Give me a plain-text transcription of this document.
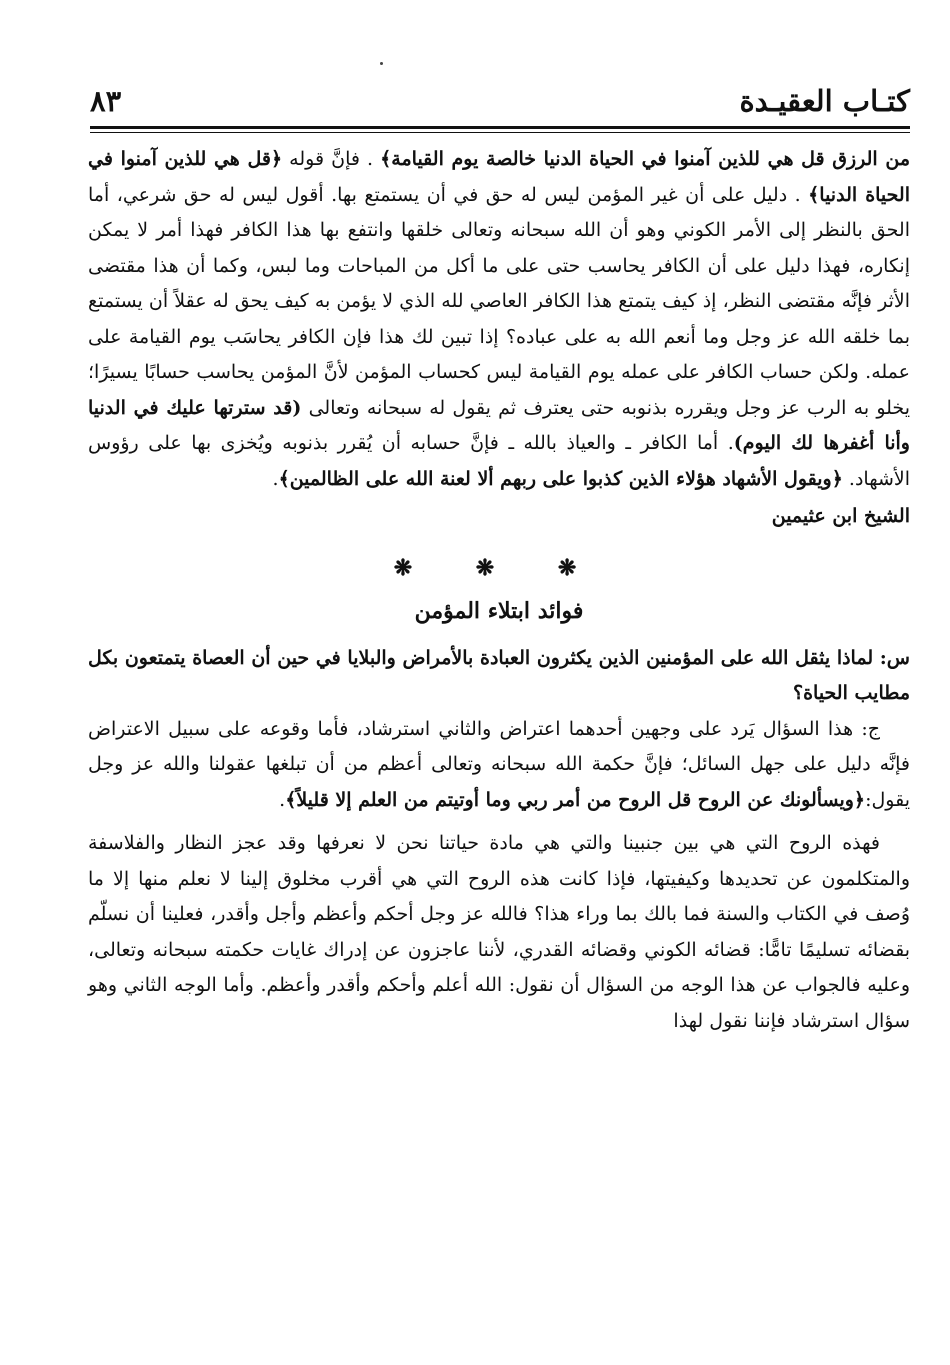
كتـاب العقيـدة
٨٣

من الرزق قل هي للذين آمنوا في الحياة الدنيا خالصة يوم القيامة﴾ . فإنَّ قوله ﴿قل هي للذين آمنوا في الحياة الدنيا﴾ . دليل على أن غير المؤمن ليس له حق في أن يستمتع بها. أقول ليس له حق شرعي، أما الحق بالنظر إلى الأمر الكوني وهو أن الله سبحانه وتعالى خلقها وانتفع بها هذا الكافر فهذا أمر لا يمكن إنكاره، فهذا دليل على أن الكافر يحاسب حتى على ما أكل من المباحات وما لبس، وكما أن هذا مقتضى الأثر فإنَّه مقتضى النظر، إذ كيف يتمتع هذا الكافر العاصي لله الذي لا يؤمن به كيف يحق له عقلاً أن يستمتع بما خلقه الله عز وجل وما أنعم الله به على عباده؟ إذا تبين لك هذا فإن الكافر يحاسَب يوم القيامة على عمله. ولكن حساب الكافر على عمله يوم القيامة ليس كحساب المؤمن لأنَّ المؤمن يحاسب حسابًا يسيرًا؛ يخلو به الرب عز وجل ويقرره بذنوبه حتى يعترف ثم يقول له سبحانه وتعالى (قد سترتها عليك في الدنيا وأنا أغفرها لك اليوم). أما الكافر ـ والعياذ بالله ـ فإنَّ حسابه أن يُقرر بذنوبه ويُخزى بها على رؤوس الأشهاد. ﴿ويقول الأشهاد هؤلاء الذين كذبوا على ربهم ألا لعنة الله على الظالمين﴾.

الشيخ ابن عثيمين

❋ ❋ ❋

فوائد ابتلاء المؤمن

س: لماذا يثقل الله على المؤمنين الذين يكثرون العبادة بالأمراض والبلايا في حين أن العصاة يتمتعون بكل مطايب الحياة؟

ج: هذا السؤال يَرد على وجهين أحدهما اعتراض والثاني استرشاد، فأما وقوعه على سبيل الاعتراض فإنَّه دليل على جهل السائل؛ فإنَّ حكمة الله سبحانه وتعالى أعظم من أن تبلغها عقولنا والله عز وجل يقول:﴿ويسألونك عن الروح قل الروح من أمر ربي وما أوتيتم من العلم إلا قليلاً﴾.

فهذه الروح التي هي بين جنبينا والتي هي مادة حياتنا نحن لا نعرفها وقد عجز النظار والفلاسفة والمتكلمون عن تحديدها وكيفيتها، فإذا كانت هذه الروح التي هي أقرب مخلوق إلينا لا نعلم منها إلا ما وُصف في الكتاب والسنة فما بالك بما وراء هذا؟ فالله عز وجل أحكم وأعظم وأجل وأقدر، فعلينا أن نسلّم بقضائه تسليمًا تامًّا: قضائه الكوني وقضائه القدري، لأننا عاجزون عن إدراك غايات حكمته سبحانه وتعالى، وعليه فالجواب عن هذا الوجه من السؤال أن نقول: الله أعلم وأحكم وأقدر وأعظم. وأما الوجه الثاني وهو سؤال استرشاد فإننا نقول لهذا
